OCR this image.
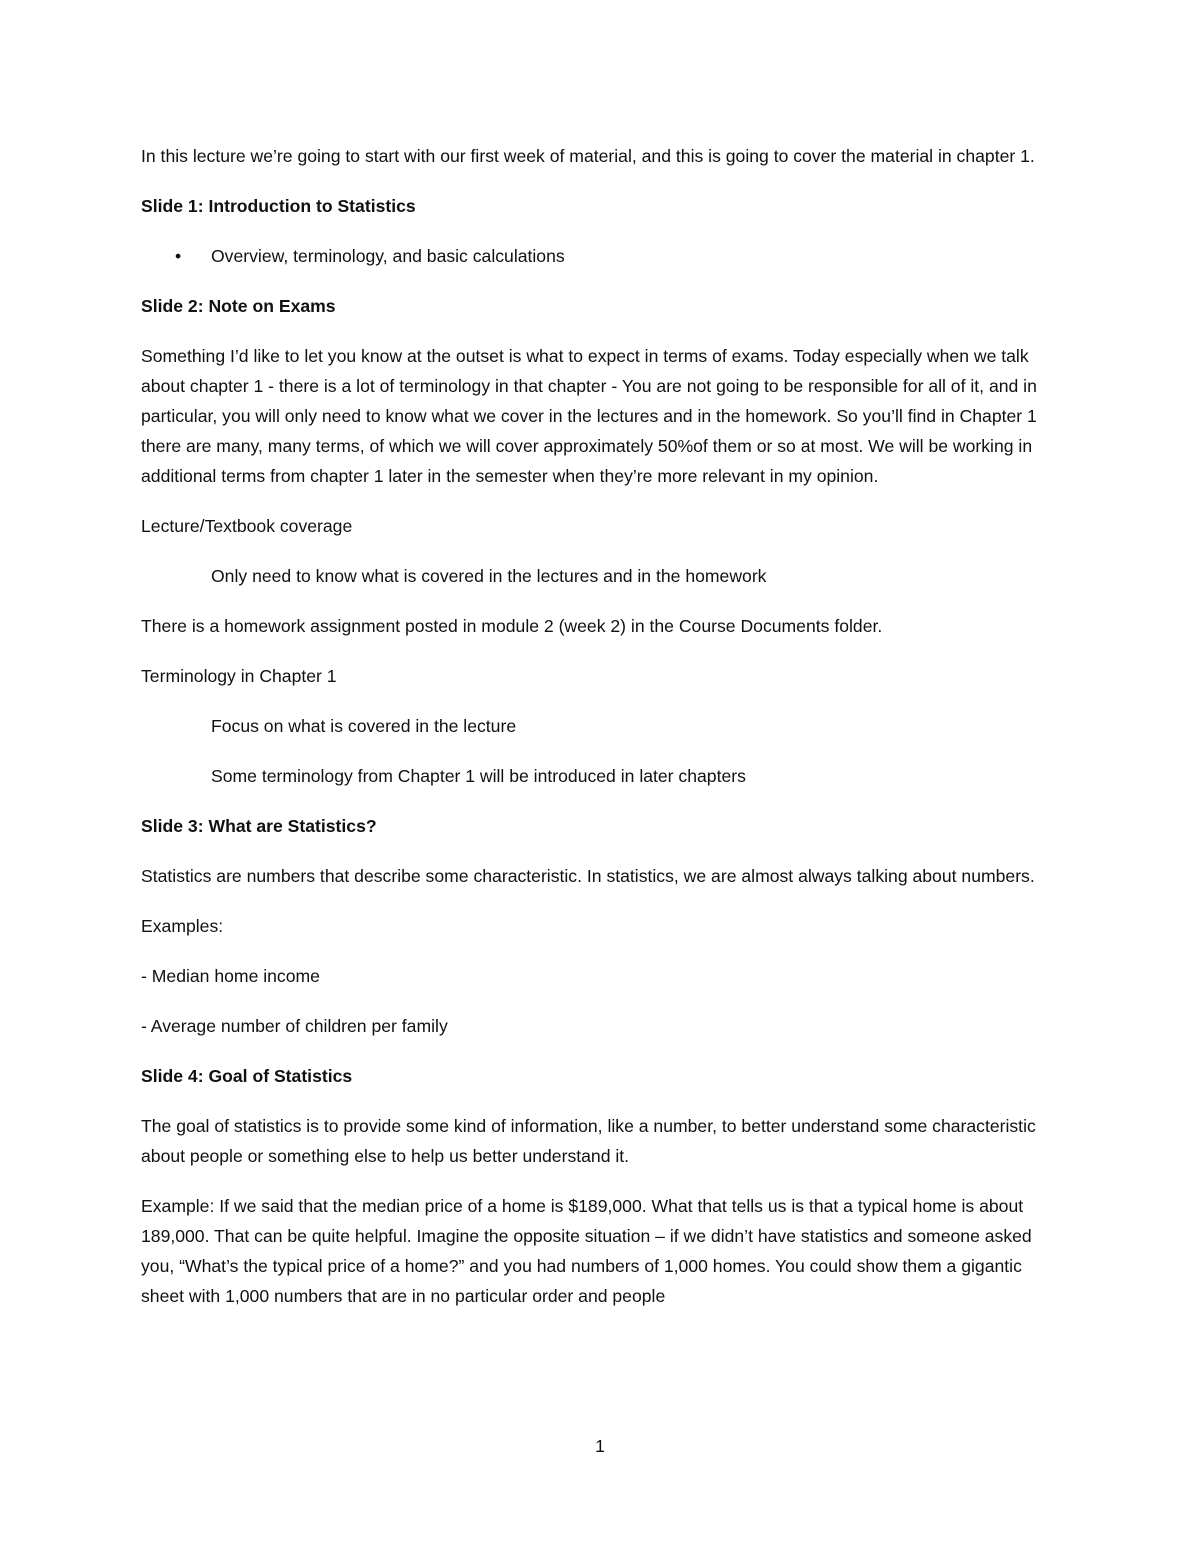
In this lecture we’re going to start with our first week of material, and this is going to cover the material in chapter 1.

Slide 1: Introduction to Statistics

• Overview, terminology, and basic calculations

Slide 2: Note on Exams

Something I’d like to let you know at the outset is what to expect in terms of exams. Today especially when we talk about chapter 1 - there is a lot of terminology in that chapter - You are not going to be responsible for all of it, and in particular, you will only need to know what we cover in the lectures and in the homework. So you’ll find in Chapter 1 there are many, many terms, of which we will cover approximately 50%of them or so at most. We will be working in additional terms from chapter 1 later in the semester when they’re more relevant in my opinion.

Lecture/Textbook coverage

Only need to know what is covered in the lectures and in the homework

There is a homework assignment posted in module 2 (week 2) in the Course Documents folder.

Terminology in Chapter 1

Focus on what is covered in the lecture

Some terminology from Chapter 1 will be introduced in later chapters

Slide 3: What are Statistics?

Statistics are numbers that describe some characteristic. In statistics, we are almost always talking about numbers.

Examples:

- Median home income

- Average number of children per family

Slide 4: Goal of Statistics

The goal of statistics is to provide some kind of information, like a number, to better understand some characteristic about people or something else to help us better understand it.

Example: If we said that the median price of a home is $189,000. What that tells us is that a typical home is about 189,000. That can be quite helpful. Imagine the opposite situation – if we didn’t have statistics and someone asked you, “What’s the typical price of a home?” and you had numbers of 1,000 homes. You could show them a gigantic sheet with 1,000 numbers that are in no particular order and people

1
